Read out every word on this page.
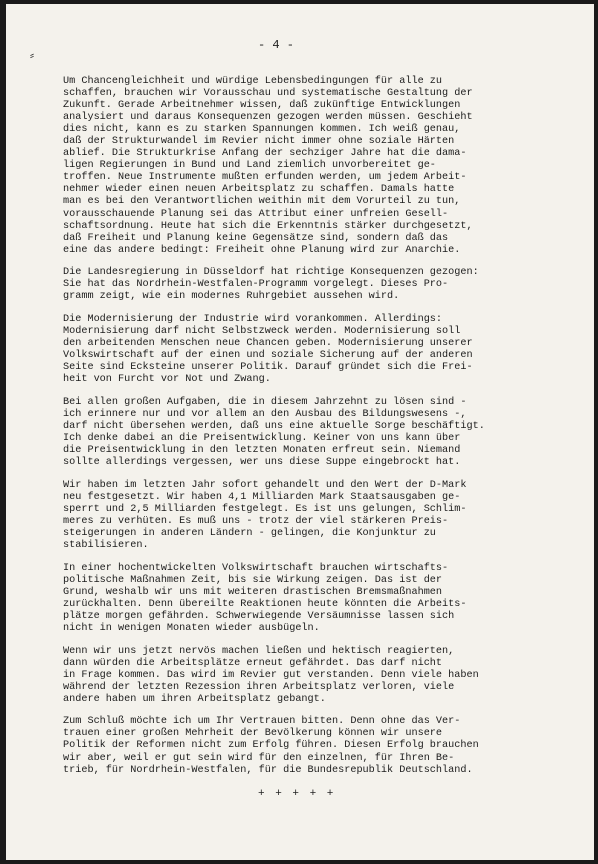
- 4 -
⸗

Um Chancengleichheit und würdige Lebensbedingungen für alle zu
schaffen, brauchen wir Vorausschau und systematische Gestaltung der
Zukunft. Gerade Arbeitnehmer wissen, daß zukünftige Entwicklungen
analysiert und daraus Konsequenzen gezogen werden müssen. Geschieht
dies nicht, kann es zu starken Spannungen kommen. Ich weiß genau,
daß der Strukturwandel im Revier nicht immer ohne soziale Härten
ablief. Die Strukturkrise Anfang der sechziger Jahre hat die dama-
ligen Regierungen in Bund und Land ziemlich unvorbereitet ge-
troffen. Neue Instrumente mußten erfunden werden, um jedem Arbeit-
nehmer wieder einen neuen Arbeitsplatz zu schaffen. Damals hatte
man es bei den Verantwortlichen weithin mit dem Vorurteil zu tun,
vorausschauende Planung sei das Attribut einer unfreien Gesell-
schaftsordnung. Heute hat sich die Erkenntnis stärker durchgesetzt,
daß Freiheit und Planung keine Gegensätze sind, sondern daß das
eine das andere bedingt: Freiheit ohne Planung wird zur Anarchie.

Die Landesregierung in Düsseldorf hat richtige Konsequenzen gezogen:
Sie hat das Nordrhein-Westfalen-Programm vorgelegt. Dieses Pro-
gramm zeigt, wie ein modernes Ruhrgebiet aussehen wird.

Die Modernisierung der Industrie wird vorankommen. Allerdings:
Modernisierung darf nicht Selbstzweck werden. Modernisierung soll
den arbeitenden Menschen neue Chancen geben. Modernisierung unserer
Volkswirtschaft auf der einen und soziale Sicherung auf der anderen
Seite sind Ecksteine unserer Politik. Darauf gründet sich die Frei-
heit von Furcht vor Not und Zwang.

Bei allen großen Aufgaben, die in diesem Jahrzehnt zu lösen sind -
ich erinnere nur und vor allem an den Ausbau des Bildungswesens -,
darf nicht übersehen werden, daß uns eine aktuelle Sorge beschäftigt.
Ich denke dabei an die Preisentwicklung. Keiner von uns kann über
die Preisentwicklung in den letzten Monaten erfreut sein. Niemand
sollte allerdings vergessen, wer uns diese Suppe eingebrockt hat.

Wir haben im letzten Jahr sofort gehandelt und den Wert der D-Mark
neu festgesetzt. Wir haben 4,1 Milliarden Mark Staatsausgaben ge-
sperrt und 2,5 Milliarden festgelegt. Es ist uns gelungen, Schlim-
meres zu verhüten. Es muß uns - trotz der viel stärkeren Preis-
steigerungen in anderen Ländern - gelingen, die Konjunktur zu
stabilisieren.

In einer hochentwickelten Volkswirtschaft brauchen wirtschafts-
politische Maßnahmen Zeit, bis sie Wirkung zeigen. Das ist der
Grund, weshalb wir uns mit weiteren drastischen Bremsmaßnahmen
zurückhalten. Denn übereilte Reaktionen heute könnten die Arbeits-
plätze morgen gefährden. Schwerwiegende Versäumnisse lassen sich
nicht in wenigen Monaten wieder ausbügeln.

Wenn wir uns jetzt nervös machen ließen und hektisch reagierten,
dann würden die Arbeitsplätze erneut gefährdet. Das darf nicht
in Frage kommen. Das wird im Revier gut verstanden. Denn viele haben
während der letzten Rezession ihren Arbeitsplatz verloren, viele
andere haben um ihren Arbeitsplatz gebangt.

Zum Schluß möchte ich um Ihr Vertrauen bitten. Denn ohne das Ver-
trauen einer großen Mehrheit der Bevölkerung können wir unsere
Politik der Reformen nicht zum Erfolg führen. Diesen Erfolg brauchen
wir aber, weil er gut sein wird für den einzelnen, für Ihren Be-
trieb, für Nordrhein-Westfalen, für die Bundesrepublik Deutschland.

+ + + + +
